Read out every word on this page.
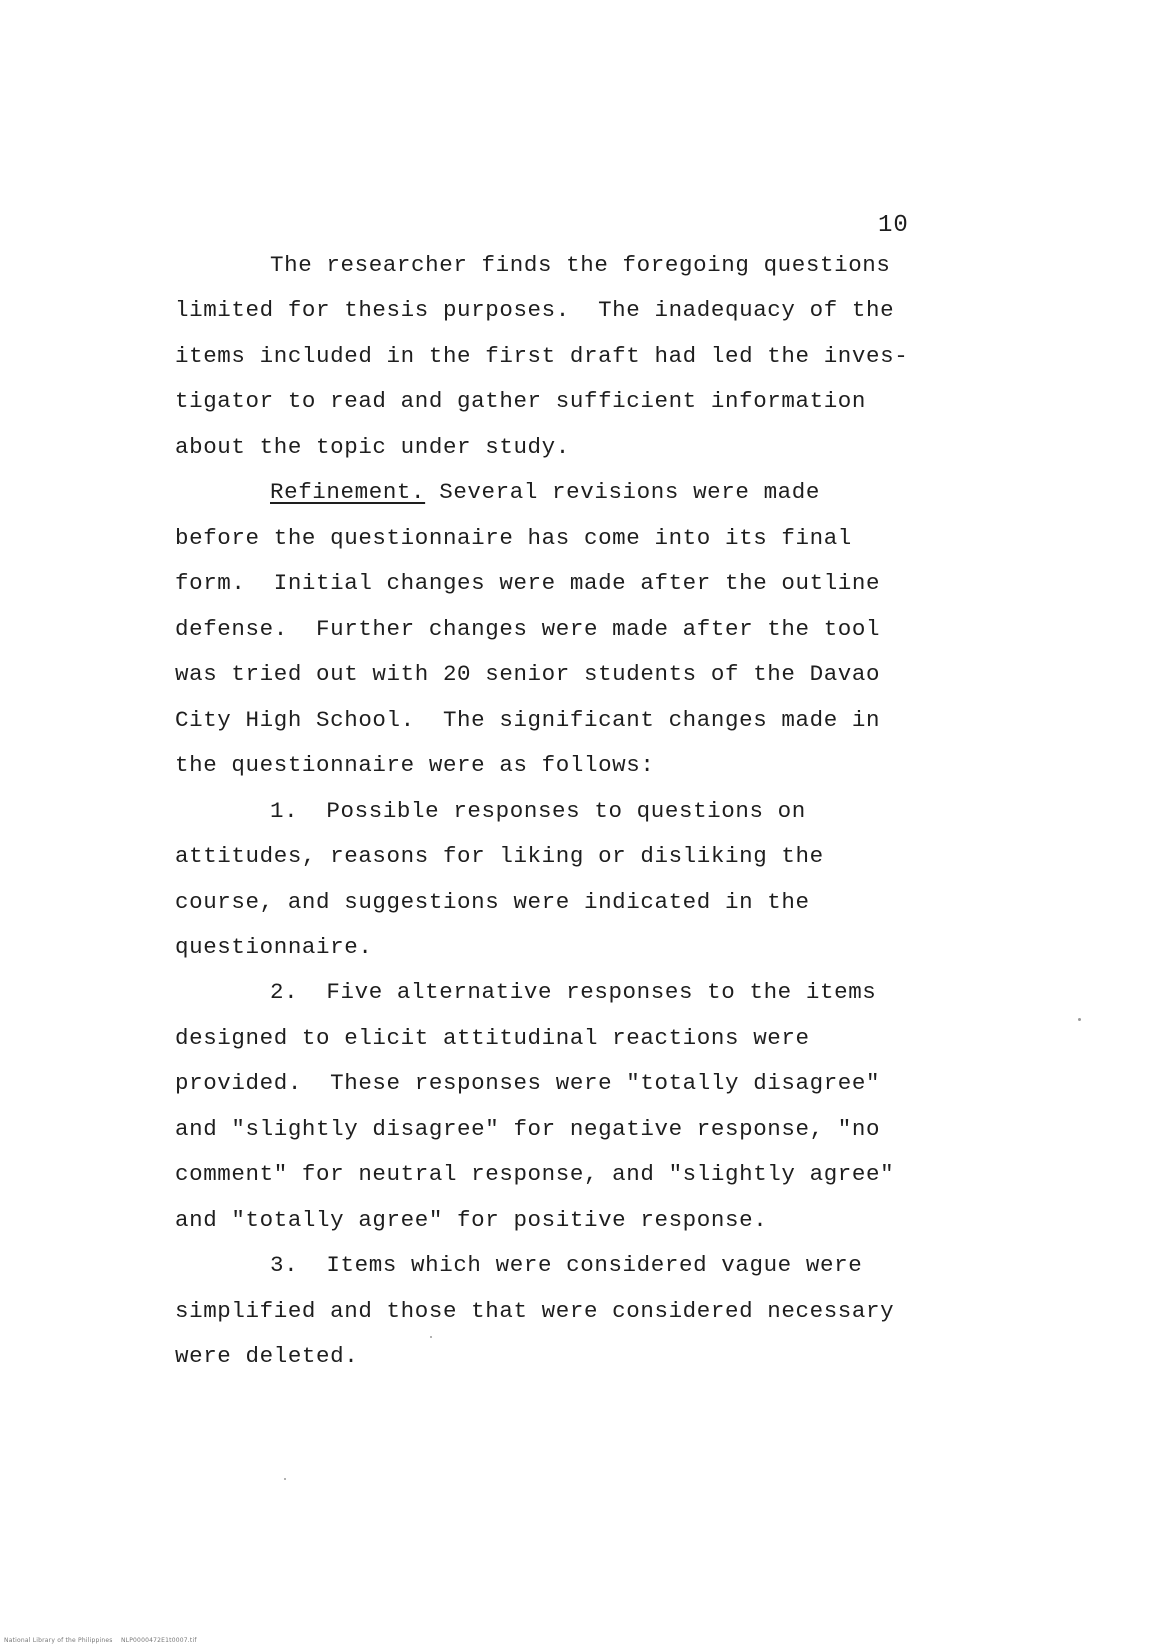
10
The researcher finds the foregoing questions
limited for thesis purposes.  The inadequacy of the
items included in the first draft had led the inves-
tigator to read and gather sufficient information
about the topic under study.
Refinement. Several revisions were made
before the questionnaire has come into its final
form.  Initial changes were made after the outline
defense.  Further changes were made after the tool
was tried out with 20 senior students of the Davao
City High School.  The significant changes made in
the questionnaire were as follows:
1.  Possible responses to questions on
attitudes, reasons for liking or disliking the
course, and suggestions were indicated in the
questionnaire.
2.  Five alternative responses to the items
designed to elicit attitudinal reactions were
provided.  These responses were "totally disagree"
and "slightly disagree" for negative response, "no
comment" for neutral response, and "slightly agree"
and "totally agree" for positive response.
3.  Items which were considered vague were
simplified and those that were considered necessary
were deleted.
National Library of the Philippines    NLP0000472E1t0007.tif
